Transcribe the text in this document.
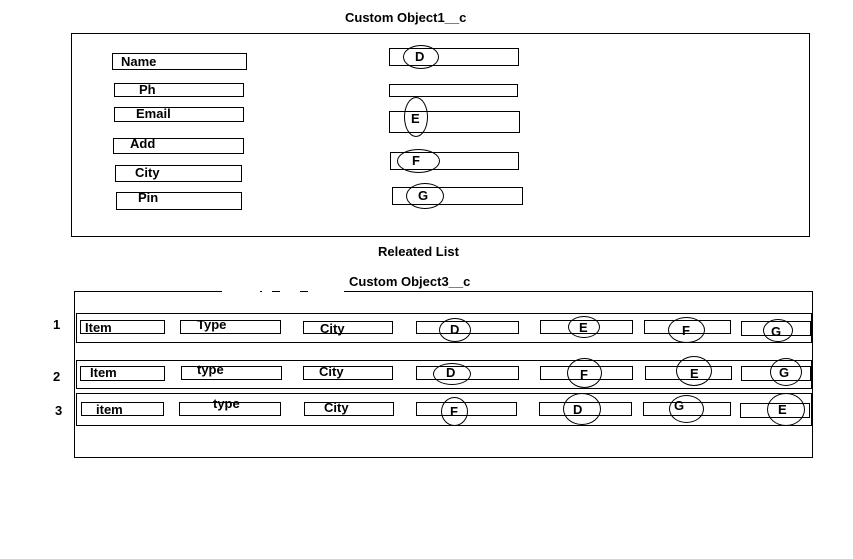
Custom Object1__c
Name
Ph
Email
Add
City
Pin
D
E
F
G
Releated List
Custom Object3__c
1
2
3
Item	Type	City	D	E	F	G
Item	type	City	D	F	E	G
item	type	City	F	D	G	E
